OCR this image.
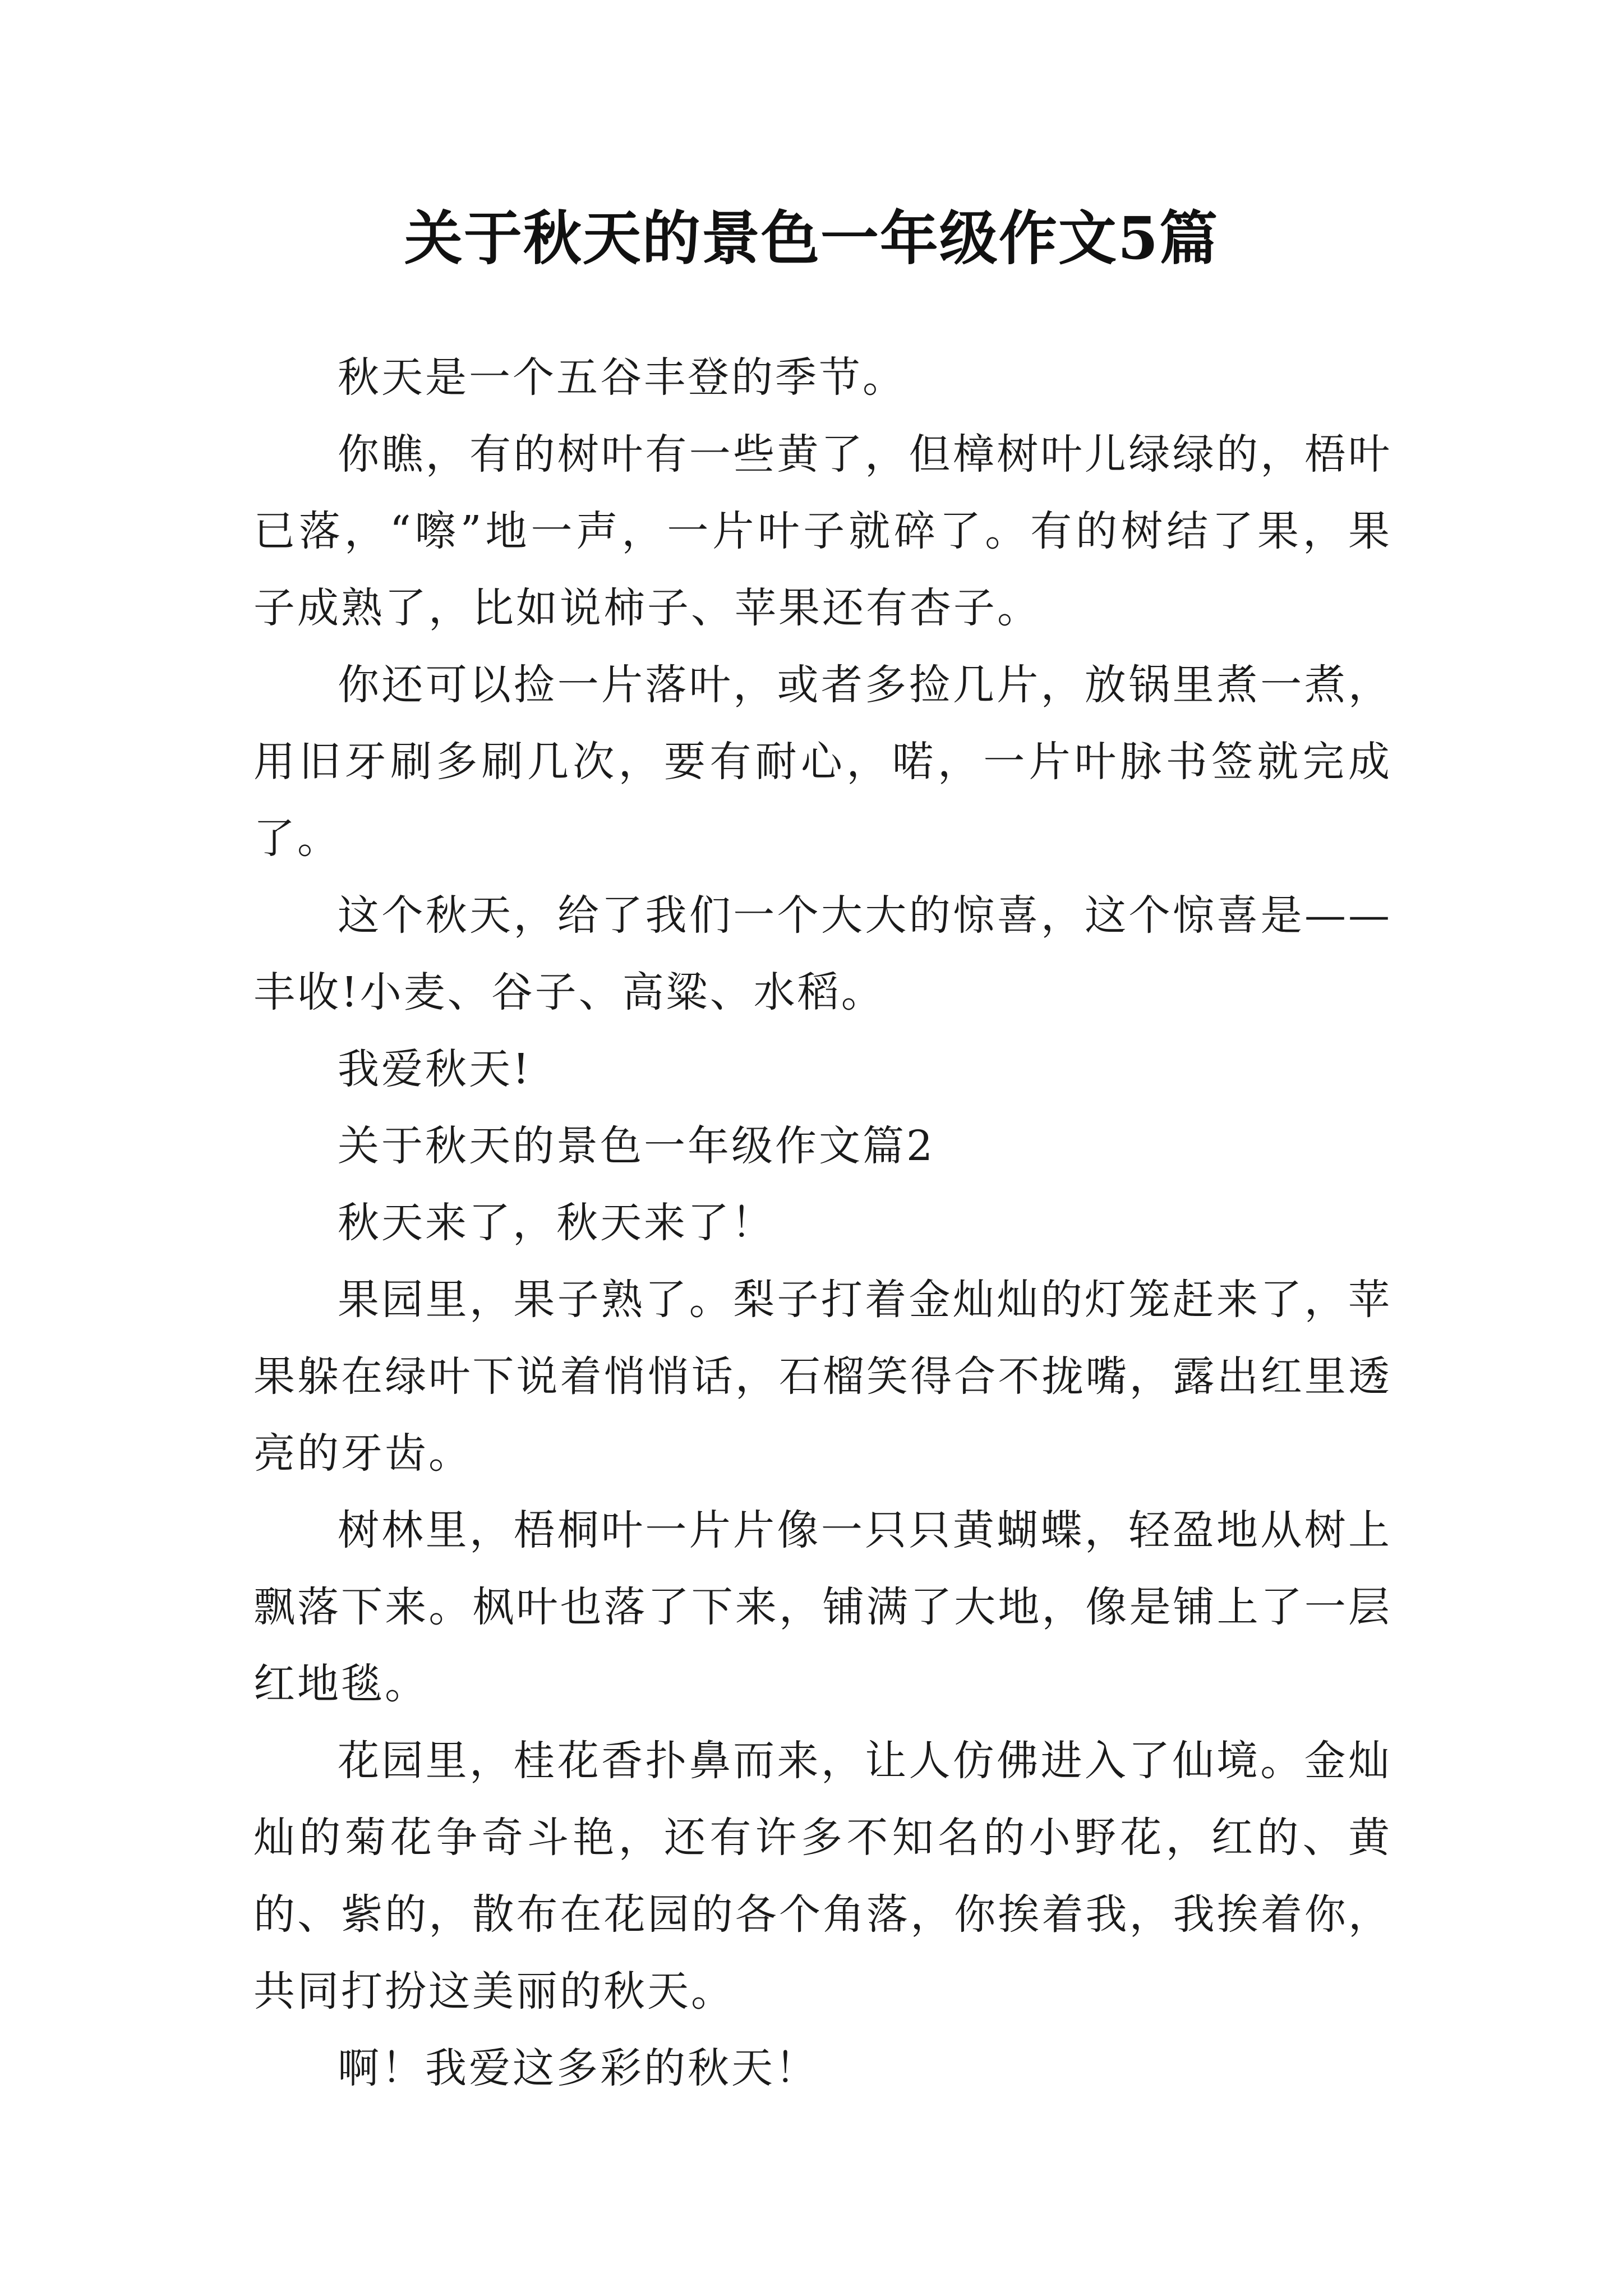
关于秋天的景色一年级作文5篇

秋天是一个五谷丰登的季节。

你瞧，有的树叶有一些黄了，但樟树叶儿绿绿的，梧叶已落，“嚓”地一声，一片叶子就碎了。有的树结了果，果子成熟了，比如说柿子、苹果还有杏子。

你还可以捡一片落叶，或者多捡几片，放锅里煮一煮，用旧牙刷多刷几次，要有耐心，喏，一片叶脉书签就完成了。

这个秋天，给了我们一个大大的惊喜，这个惊喜是——丰收!小麦、谷子、高粱、水稻。

我爱秋天!

关于秋天的景色一年级作文篇2

秋天来了，秋天来了！

果园里，果子熟了。梨子打着金灿灿的灯笼赶来了，苹果躲在绿叶下说着悄悄话，石榴笑得合不拢嘴，露出红里透亮的牙齿。

树林里，梧桐叶一片片像一只只黄蝴蝶，轻盈地从树上飘落下来。枫叶也落了下来，铺满了大地，像是铺上了一层红地毯。

花园里，桂花香扑鼻而来，让人仿佛进入了仙境。金灿灿的菊花争奇斗艳，还有许多不知名的小野花，红的、黄的、紫的，散布在花园的各个角落，你挨着我，我挨着你，共同打扮这美丽的秋天。

啊！我爱这多彩的秋天！
